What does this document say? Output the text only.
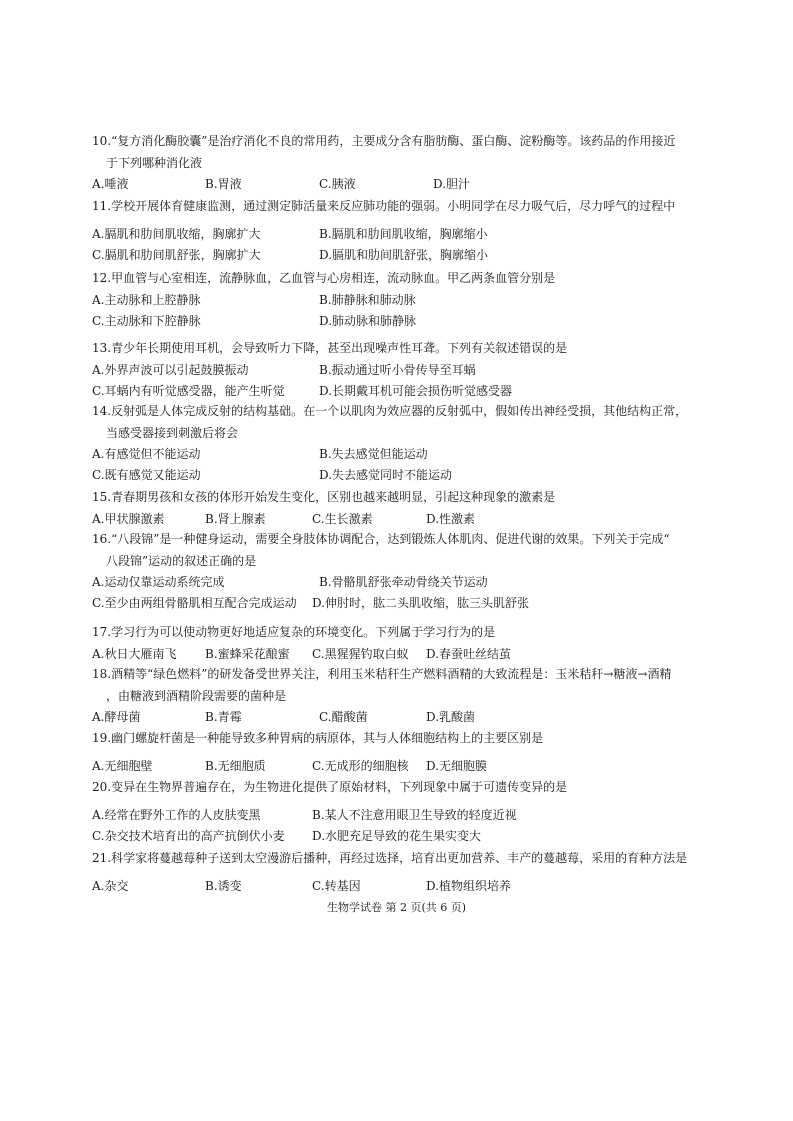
10.“复方消化酶胶囊”是治疗消化不良的常用药，主要成分含有脂肪酶、蛋白酶、淀粉酶等。该药品的作用接近
于下列哪种消化液
A.唾液	B.胃液	C.胰液	D.胆汁
11.学校开展体育健康监测，通过测定肺活量来反应肺功能的强弱。小明同学在尽力吸气后，尽力呼气的过程中
A.膈肌和肋间肌收缩，胸廓扩大	B.膈肌和肋间肌收缩，胸廓缩小
C.膈肌和肋间肌舒张，胸廓扩大	D.膈肌和肋间肌舒张，胸廓缩小
12.甲血管与心室相连，流静脉血，乙血管与心房相连，流动脉血。甲乙两条血管分别是
A.主动脉和上腔静脉	B.肺静脉和肺动脉
C.主动脉和下腔静脉	D.肺动脉和肺静脉
13.青少年长期使用耳机，会导致听力下降，甚至出现噪声性耳聋。下列有关叙述错误的是
A.外界声波可以引起鼓膜振动	B.振动通过听小骨传导至耳蜗
C.耳蜗内有听觉感受器，能产生听觉	D.长期戴耳机可能会损伤听觉感受器
14.反射弧是人体完成反射的结构基础。在一个以肌肉为效应器的反射弧中，假如传出神经受损，其他结构正常，
当感受器接到刺激后将会
A.有感觉但不能运动	B.失去感觉但能运动
C.既有感觉又能运动	D.失去感觉同时不能运动
15.青春期男孩和女孩的体形开始发生变化，区别也越来越明显，引起这种现象的激素是
A.甲状腺激素	B.肾上腺素	C.生长激素	D.性激素
16.“八段锦”是一种健身运动，需要全身肢体协调配合，达到锻炼人体肌肉、促进代谢的效果。下列关于完成“
八段锦”运动的叙述正确的是
A.运动仅靠运动系统完成	B.骨骼肌舒张牵动骨绕关节运动
C.至少由两组骨骼肌相互配合完成运动 D.伸肘时，肱二头肌收缩，肱三头肌舒张
17.学习行为可以使动物更好地适应复杂的环境变化。下列属于学习行为的是
A.秋日大雁南飞 B.蜜蜂采花酿蜜 C.黑猩猩钓取白蚁 D.春蚕吐丝结茧
18.酒精等“绿色燃料”的研发备受世界关注，利用玉米秸秆生产燃料酒精的大致流程是：玉米秸秆→糖液→酒精
，由糖液到酒精阶段需要的菌种是
A.酵母菌	B.青霉	C.醋酸菌	D.乳酸菌
19.幽门螺旋杆菌是一种能导致多种胃病的病原体，其与人体细胞结构上的主要区别是
A.无细胞壁	B.无细胞质	C.无成形的细胞核 D.无细胞膜
20.变异在生物界普遍存在，为生物进化提供了原始材料，下列现象中属于可遗传变异的是
A.经常在野外工作的人皮肤变黑	B.某人不注意用眼卫生导致的轻度近视
C.杂交技术培育出的高产抗倒伏小麦 D.水肥充足导致的花生果实变大
21.科学家将蔓越莓种子送到太空漫游后播种，再经过选择，培育出更加营养、丰产的蔓越莓，采用的育种方法是
A.杂交	B.诱变	C.转基因	D.植物组织培养
生物学试卷 第 2 页(共 6 页)
